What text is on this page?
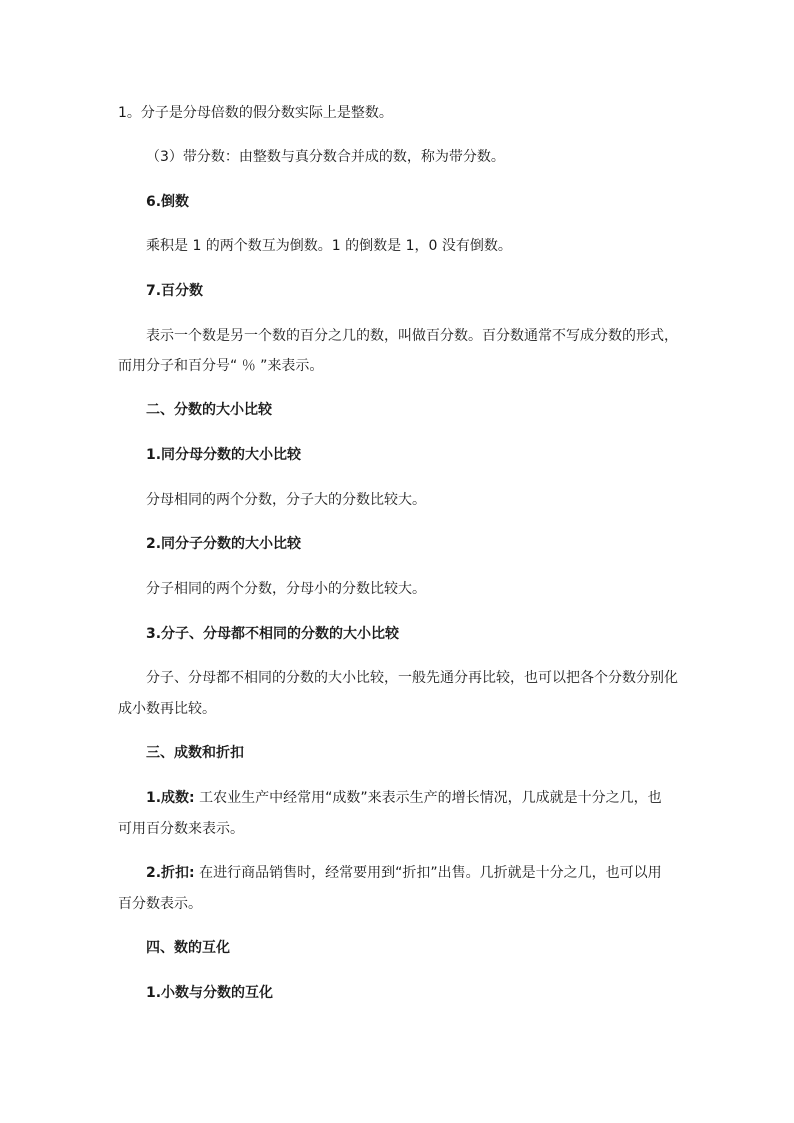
1。分子是分母倍数的假分数实际上是整数。
（3）带分数：由整数与真分数合并成的数，称为带分数。
6.倒数
乘积是 1 的两个数互为倒数。1 的倒数是 1，0 没有倒数。
7.百分数
表示一个数是另一个数的百分之几的数，叫做百分数。百分数通常不写成分数的形式，
而用分子和百分号“ ％ ”来表示。
二、分数的大小比较
1.同分母分数的大小比较
分母相同的两个分数，分子大的分数比较大。
2.同分子分数的大小比较
分子相同的两个分数，分母小的分数比较大。
3.分子、分母都不相同的分数的大小比较
分子、分母都不相同的分数的大小比较，一般先通分再比较，也可以把各个分数分别化
成小数再比较。
三、成数和折扣
1.成数: 工农业生产中经常用“成数”来表示生产的增长情况，几成就是十分之几，也
可用百分数来表示。
2.折扣: 在进行商品销售时，经常要用到“折扣”出售。几折就是十分之几，也可以用
百分数表示。
四、数的互化
1.小数与分数的互化
